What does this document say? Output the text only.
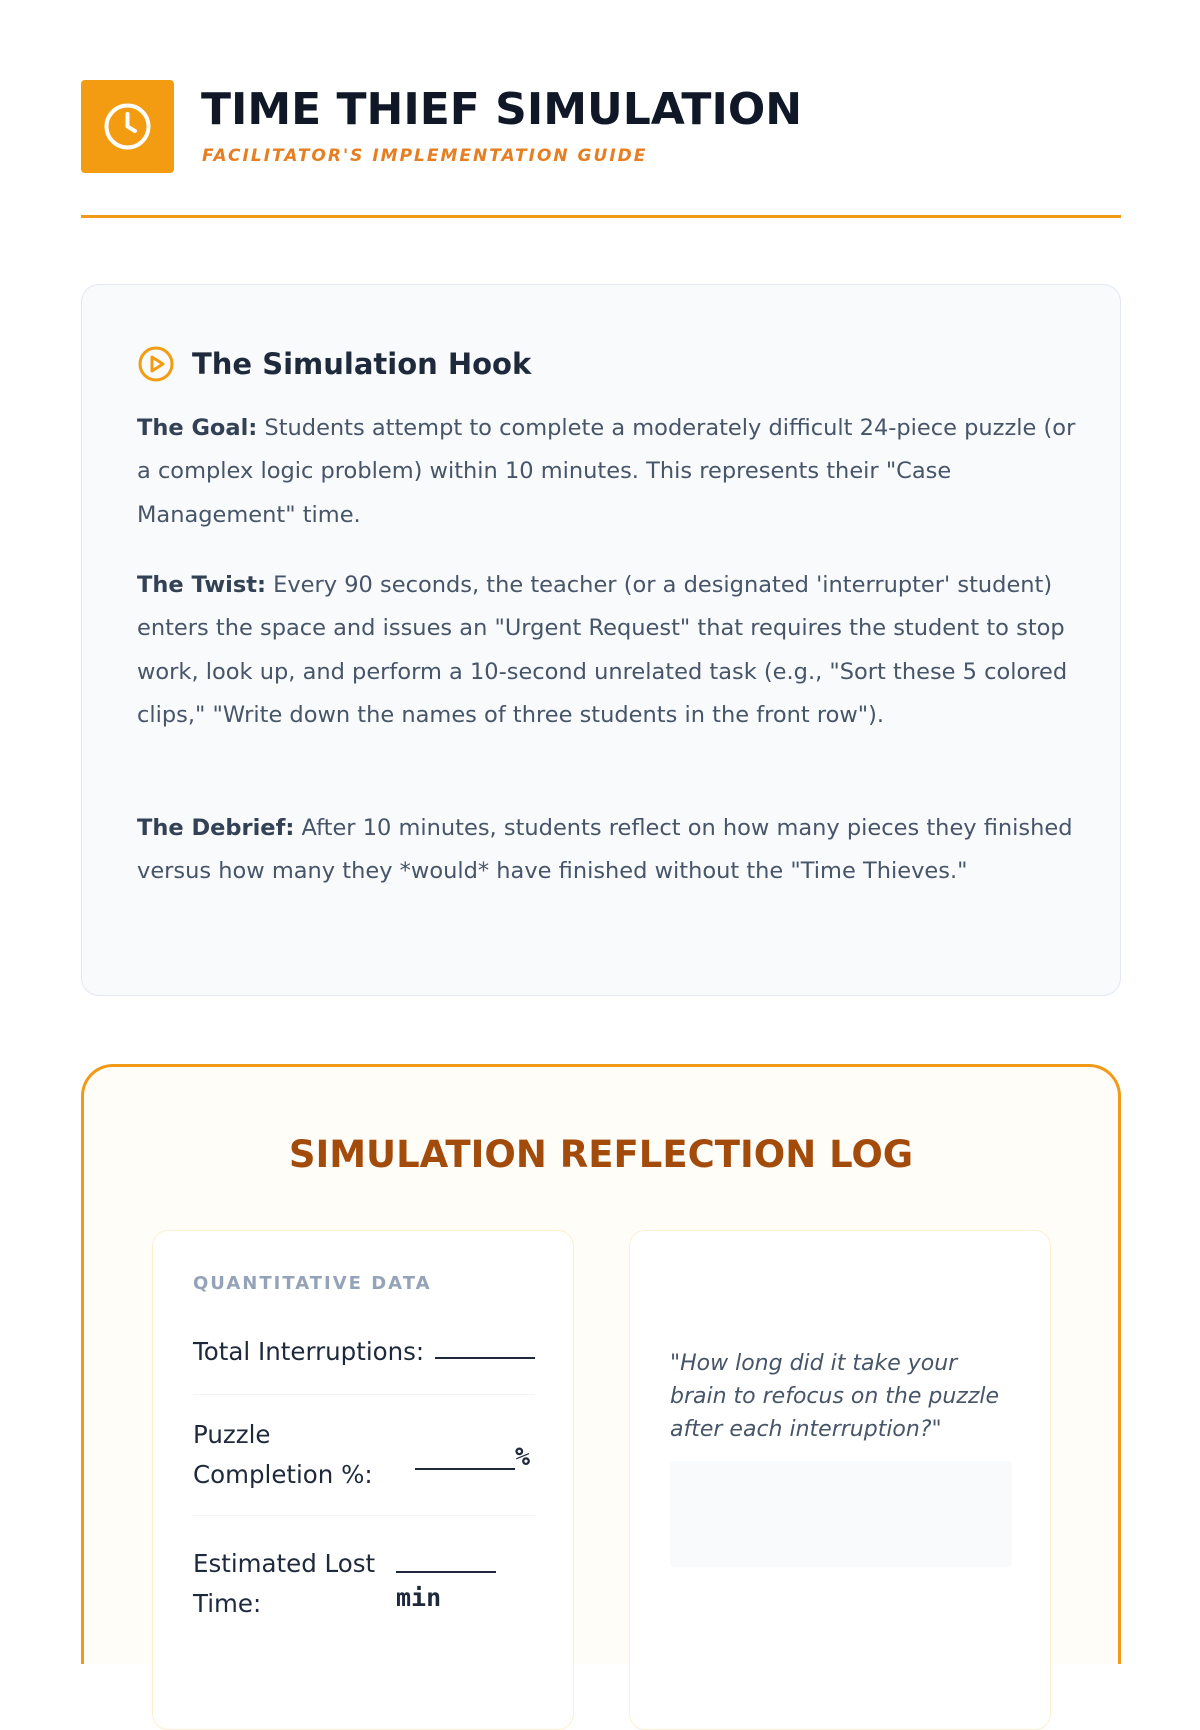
TIME THIEF SIMULATION
FACILITATOR'S IMPLEMENTATION GUIDE
The Simulation Hook

The Goal: Students attempt to complete a moderately difficult 24-piece puzzle (or a complex logic problem) within 10 minutes. This represents their "Case Management" time.

The Twist: Every 90 seconds, the teacher (or a designated 'interrupter' student) enters the space and issues an "Urgent Request" that requires the student to stop work, look up, and perform a 10-second unrelated task (e.g., "Sort these 5 colored clips," "Write down the names of three students in the front row").

The Debrief: After 10 minutes, students reflect on how many pieces they finished versus how many they *would* have finished without the "Time Thieves."

SIMULATION REFLECTION LOG
QUANTITATIVE DATA
Total Interruptions:
Puzzle Completion %:
%
Estimated Lost Time:	min

"How long did it take your brain to refocus on the puzzle after each interruption?"
